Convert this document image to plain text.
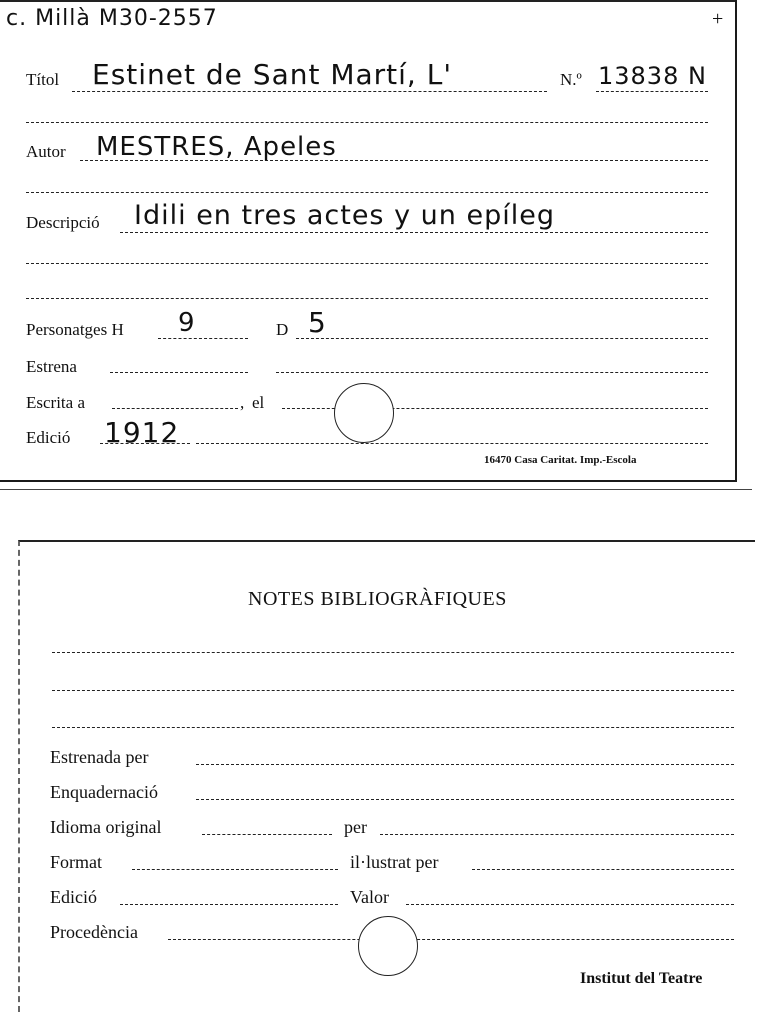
c. Millà M30-2557	+
Títol Estinet de Sant Martí, L'	N.º 13838 N
Autor MESTRES, Apeles
Descripció Idili en tres actes y un epíleg
Personatges H 9	D 5
Estrena
Escrita a	, el
Edició 1912
16470 Casa Caritat. Imp.-Escola
NOTES BIBLIOGRÀFIQUES
Estrenada per
Enquadernació
Idioma original	per
Format	il·lustrat per
Edició	Valor
Procedència
Institut del Teatre
